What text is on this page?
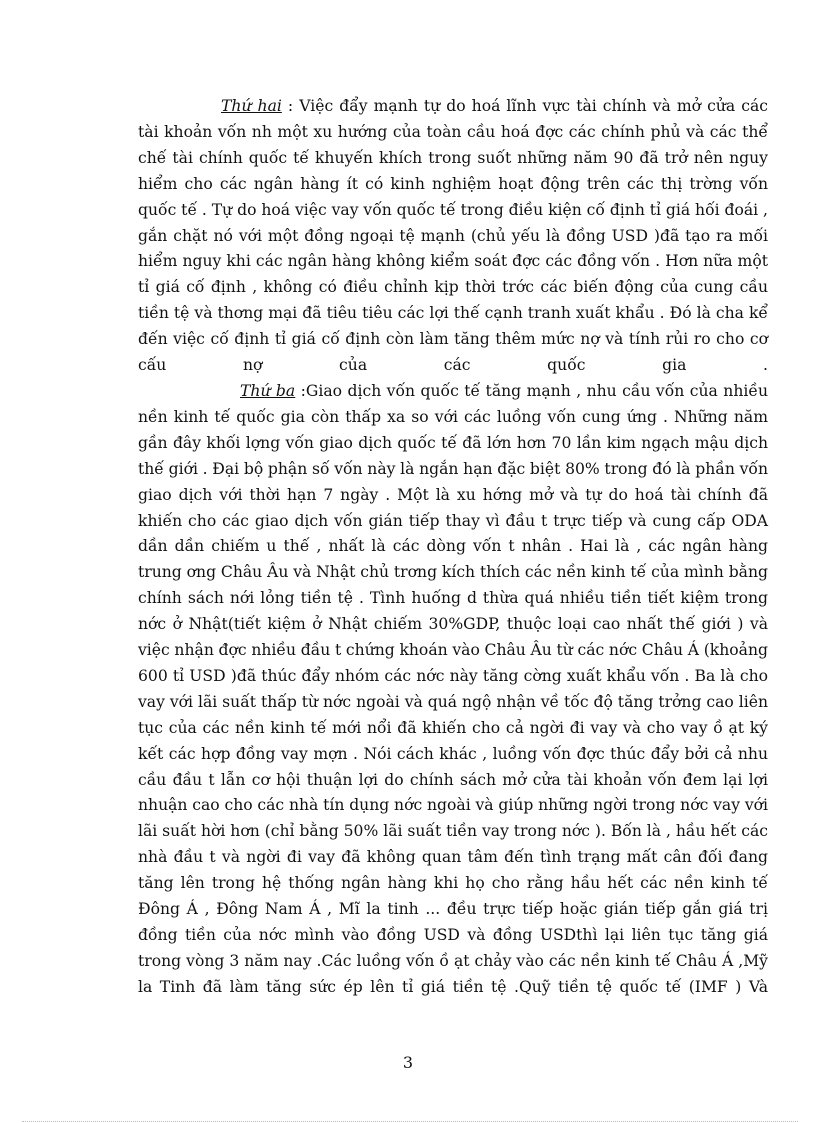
Thứ hai : Việc đẩy mạnh tự do hoá lĩnh vực tài chính và mở cửa các tài khoản vốn nh một xu hướng của toàn cầu hoá đợc các chính phủ và các thể chế tài chính quốc tế khuyến khích trong suốt những năm 90 đã trở nên nguy hiểm cho các ngân hàng ít có kinh nghiệm hoạt động trên các thị trờng vốn quốc tế . Tự do hoá việc vay vốn quốc tế trong điều kiện cố định tỉ giá hối đoái , gắn chặt nó với một đồng ngoại tệ mạnh (chủ yếu là đồng USD )đã tạo ra mối hiểm nguy khi các ngân hàng không kiểm soát đợc các đồng vốn . Hơn nữa một tỉ giá cố định , không có điều chỉnh kịp thời trớc các biến động của cung cầu tiền tệ và thơng mại đã tiêu tiêu các lợi thế cạnh tranh xuất khẩu . Đó là cha kể đến việc cố định tỉ giá cố định còn làm tăng thêm mức nợ và tính rủi ro cho cơ cấu nợ của các quốc gia .

Thứ ba :Giao dịch vốn quốc tế tăng mạnh , nhu cầu vốn của nhiều nền kinh tế quốc gia còn thấp xa so với các luồng vốn cung ứng . Những năm gần đây khối lợng vốn giao dịch quốc tế đã lớn hơn 70 lần kim ngạch mậu dịch thế giới . Đại bộ phận số vốn này là ngắn hạn đặc biệt 80% trong đó là phần vốn giao dịch với thời hạn 7 ngày . Một là xu hớng mở và tự do hoá tài chính đã khiến cho các giao dịch vốn gián tiếp thay vì đầu t trực tiếp và cung cấp ODA dần dần chiếm u thế , nhất là các dòng vốn t nhân . Hai là , các ngân hàng trung ơng Châu Âu và Nhật chủ trơng kích thích các nền kinh tế của mình bằng chính sách nới lỏng tiền tệ . Tình huống d thừa quá nhiều tiền tiết kiệm trong nớc ở Nhật(tiết kiệm ở Nhật chiếm 30%GDP, thuộc loại cao nhất thế giới ) và việc nhận đợc nhiều đầu t chứng khoán vào Châu Âu từ các nớc Châu Á (khoảng 600 tỉ USD )đã thúc đẩy nhóm các nớc này tăng cờng xuất khẩu vốn . Ba là cho vay với lãi suất thấp từ nớc ngoài và quá ngộ nhận về tốc độ tăng trởng cao liên tục của các nền kinh tế mới nổi đã khiến cho cả ngời đi vay và cho vay ồ ạt ký kết các hợp đồng vay mợn . Nói cách khác , luồng vốn đợc thúc đẩy bởi cả nhu cầu đầu t lẫn cơ hội thuận lợi do chính sách mở cửa tài khoản vốn đem lại lợi nhuận cao cho các nhà tín dụng nớc ngoài và giúp những ngời trong nớc vay với lãi suất hời hơn (chỉ bằng 50% lãi suất tiền vay trong nớc ). Bốn là , hầu hết các nhà đầu t và ngời đi vay đã không quan tâm đến tình trạng mất cân đối đang tăng lên trong hệ thống ngân hàng khi họ cho rằng hầu hết các nền kinh tế Đông Á , Đông Nam Á , Mĩ la tinh ... đều trực tiếp hoặc gián tiếp gắn giá trị đồng tiền của nớc mình vào đồng USD và đồng USDthì lại liên tục tăng giá trong vòng 3 năm nay .Các luồng vốn ồ ạt chảy vào các nền kinh tế Châu Á ,Mỹ la Tinh đã làm tăng sức ép lên tỉ giá tiền tệ .Quỹ tiền tệ quốc tế (IMF ) Và

3
